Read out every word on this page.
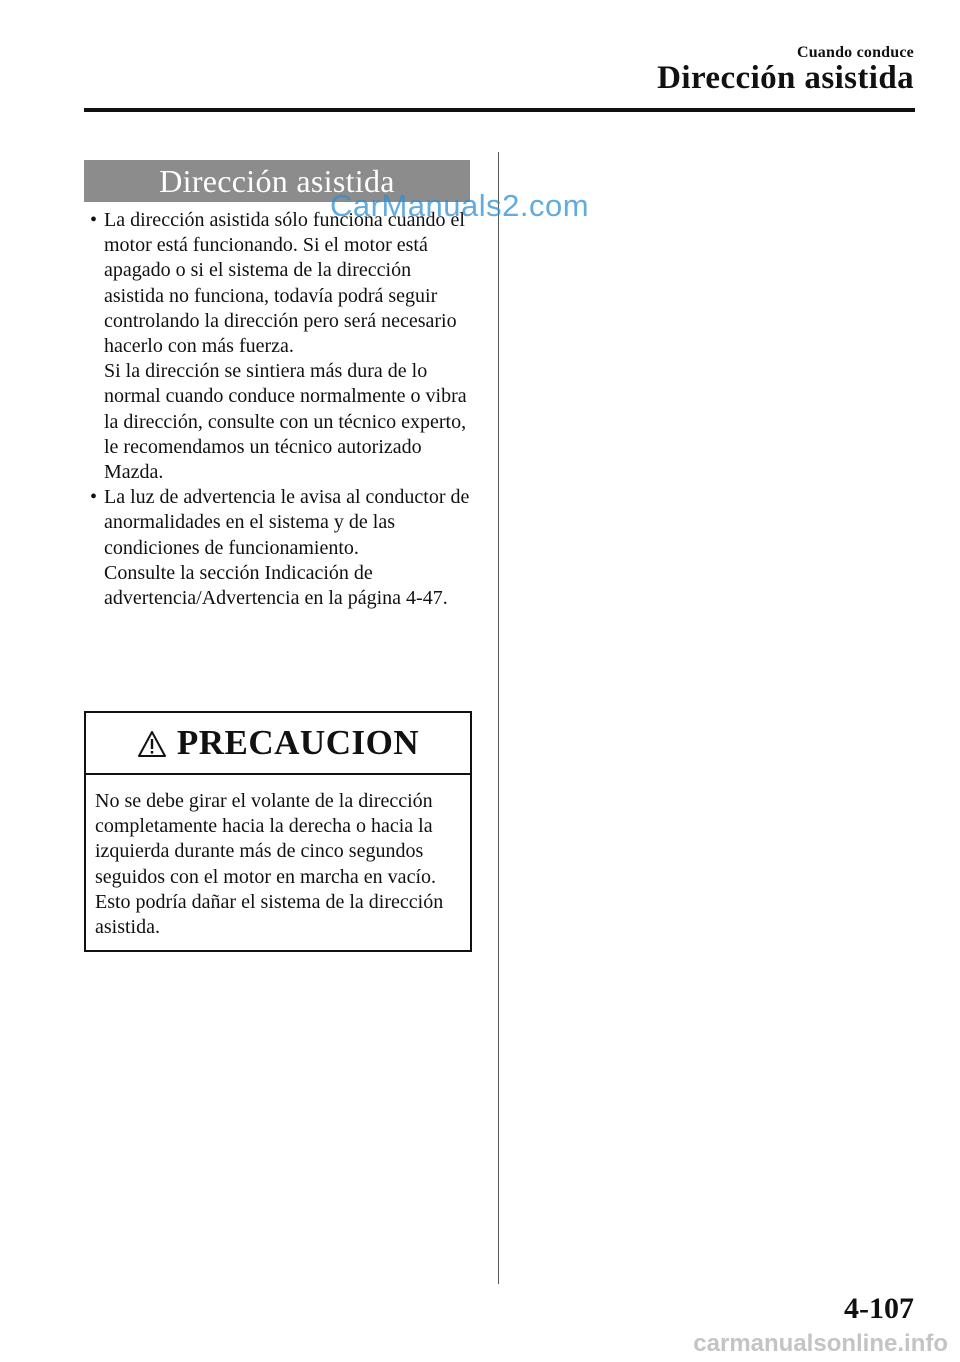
Cuando conduce
Dirección asistida
Dirección asistida
• La dirección asistida sólo funciona cuando el motor está funcionando. Si el motor está apagado o si el sistema de la dirección asistida no funciona, todavía podrá seguir controlando la dirección pero será necesario hacerlo con más fuerza.
Si la dirección se sintiera más dura de lo normal cuando conduce normalmente o vibra la dirección, consulte con un técnico experto, le recomendamos un técnico autorizado Mazda.
• La luz de advertencia le avisa al conductor de anormalidades en el sistema y de las condiciones de funcionamiento.
Consulte la sección Indicación de advertencia/Advertencia en la página 4-47.
PRECAUCION

No se debe girar el volante de la dirección completamente hacia la derecha o hacia la izquierda durante más de cinco segundos seguidos con el motor en marcha en vacío. Esto podría dañar el sistema de la dirección asistida.

4-107
CarManuals2.com
carmanualsonline.info
